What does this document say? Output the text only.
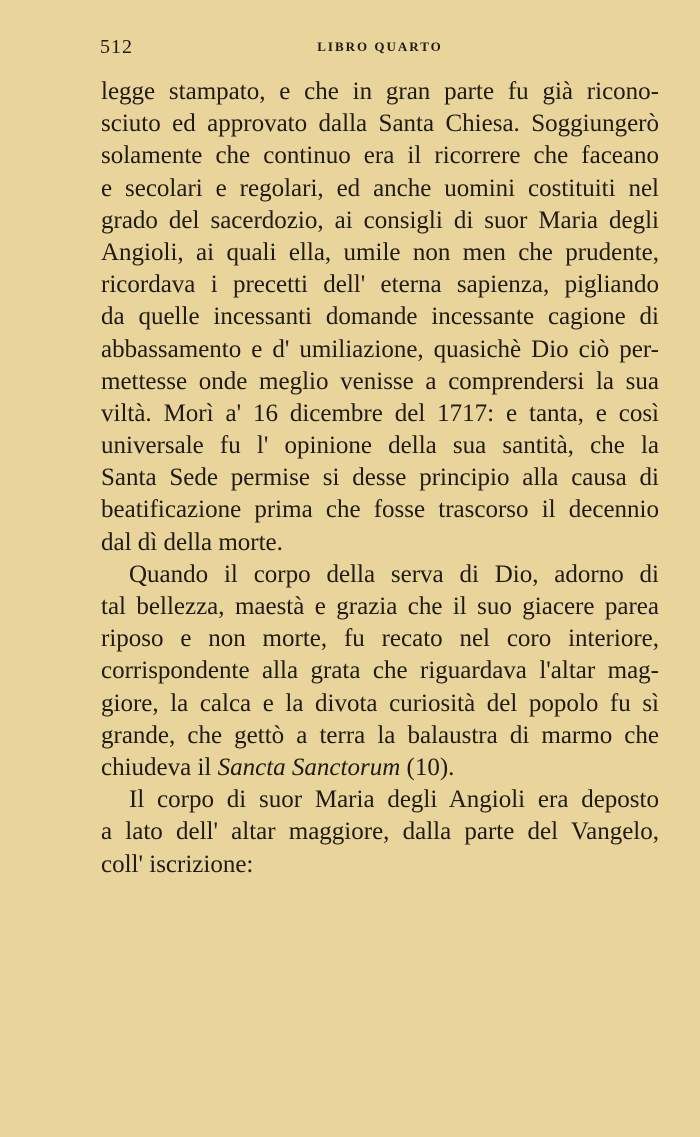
512	LIBRO QUARTO
legge stampato, e che in gran parte fu già ricono-
sciuto ed approvato dalla Santa Chiesa. Soggiungerò
solamente che continuo era il ricorrere che faceano
e secolari e regolari, ed anche uomini costituiti nel
grado del sacerdozio, ai consigli di suor Maria degli
Angioli, ai quali ella, umile non men che prudente,
ricordava i precetti dell' eterna sapienza, pigliando
da quelle incessanti domande incessante cagione di
abbassamento e d' umiliazione, quasichè Dio ciò per-
mettesse onde meglio venisse a comprendersi la sua
viltà. Morì a' 16 dicembre del 1717: e tanta, e così
universale fu l' opinione della sua santità, che la
Santa Sede permise si desse principio alla causa di
beatificazione prima che fosse trascorso il decennio
dal dì della morte.
Quando il corpo della serva di Dio, adorno di
tal bellezza, maestà e grazia che il suo giacere parea
riposo e non morte, fu recato nel coro interiore,
corrispondente alla grata che riguardava l'altar mag-
giore, la calca e la divota curiosità del popolo fu sì
grande, che gettò a terra la balaustra di marmo che
chiudeva il Sancta Sanctorum (10).
Il corpo di suor Maria degli Angioli era deposto
a lato dell' altar maggiore, dalla parte del Vangelo,
coll' iscrizione:
